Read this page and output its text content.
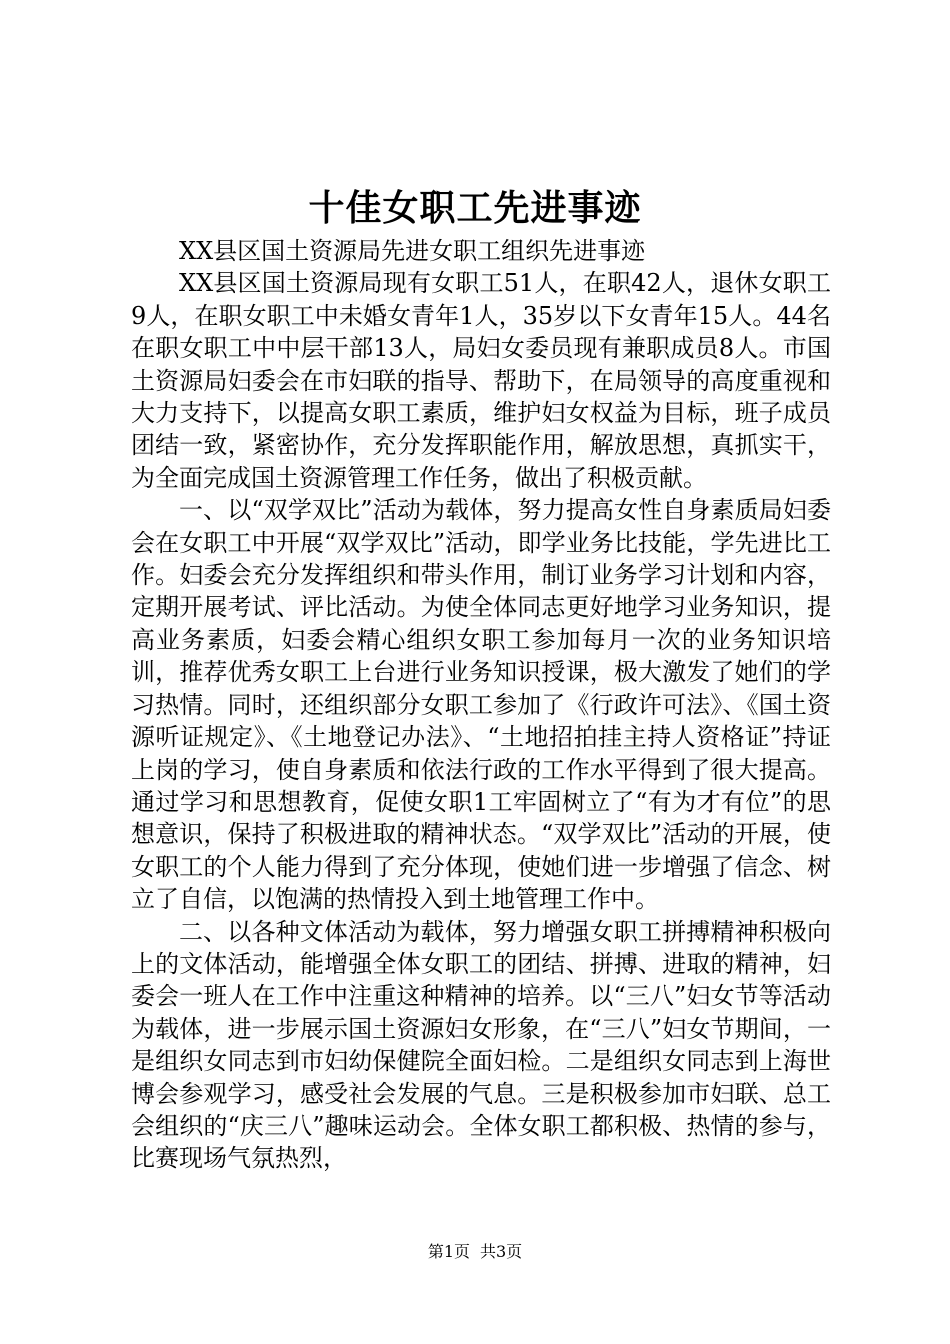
十佳女职工先进事迹

XX县区国土资源局先进女职工组织先进事迹

XX县区国土资源局现有女职工51人，在职42人，退休女职工9人，在职女职工中未婚女青年1人，35岁以下女青年15人。44名在职女职工中中层干部13人，局妇女委员现有兼职成员8人。市国土资源局妇委会在市妇联的指导、帮助下，在局领导的高度重视和大力支持下，以提高女职工素质，维护妇女权益为目标，班子成员团结一致，紧密协作，充分发挥职能作用，解放思想，真抓实干，为全面完成国土资源管理工作任务，做出了积极贡献。

一、以“双学双比”活动为载体，努力提高女性自身素质局妇委会在女职工中开展“双学双比”活动，即学业务比技能，学先进比工作。妇委会充分发挥组织和带头作用，制订业务学习计划和内容，定期开展考试、评比活动。为使全体同志更好地学习业务知识，提高业务素质，妇委会精心组织女职工参加每月一次的业务知识培训，推荐优秀女职工上台进行业务知识授课，极大激发了她们的学习热情。同时，还组织部分女职工参加了《行政许可法》、《国土资源听证规定》、《土地登记办法》、“土地招拍挂主持人资格证”持证上岗的学习，使自身素质和依法行政的工作水平得到了很大提高。通过学习和思想教育，促使女职1工牢固树立了“有为才有位”的思想意识，保持了积极进取的精神状态。“双学双比”活动的开展，使女职工的个人能力得到了充分体现，使她们进一步增强了信念、树立了自信，以饱满的热情投入到土地管理工作中。

二、以各种文体活动为载体，努力增强女职工拼搏精神积极向上的文体活动，能增强全体女职工的团结、拼搏、进取的精神，妇委会一班人在工作中注重这种精神的培养。以“三八”妇女节等活动为载体，进一步展示国土资源妇女形象，在“三八”妇女节期间，一是组织女同志到市妇幼保健院全面妇检。二是组织女同志到上海世博会参观学习，感受社会发展的气息。三是积极参加市妇联、总工会组织的“庆三八”趣味运动会。全体女职工都积极、热情的参与，比赛现场气氛热烈，

第1页 共3页
